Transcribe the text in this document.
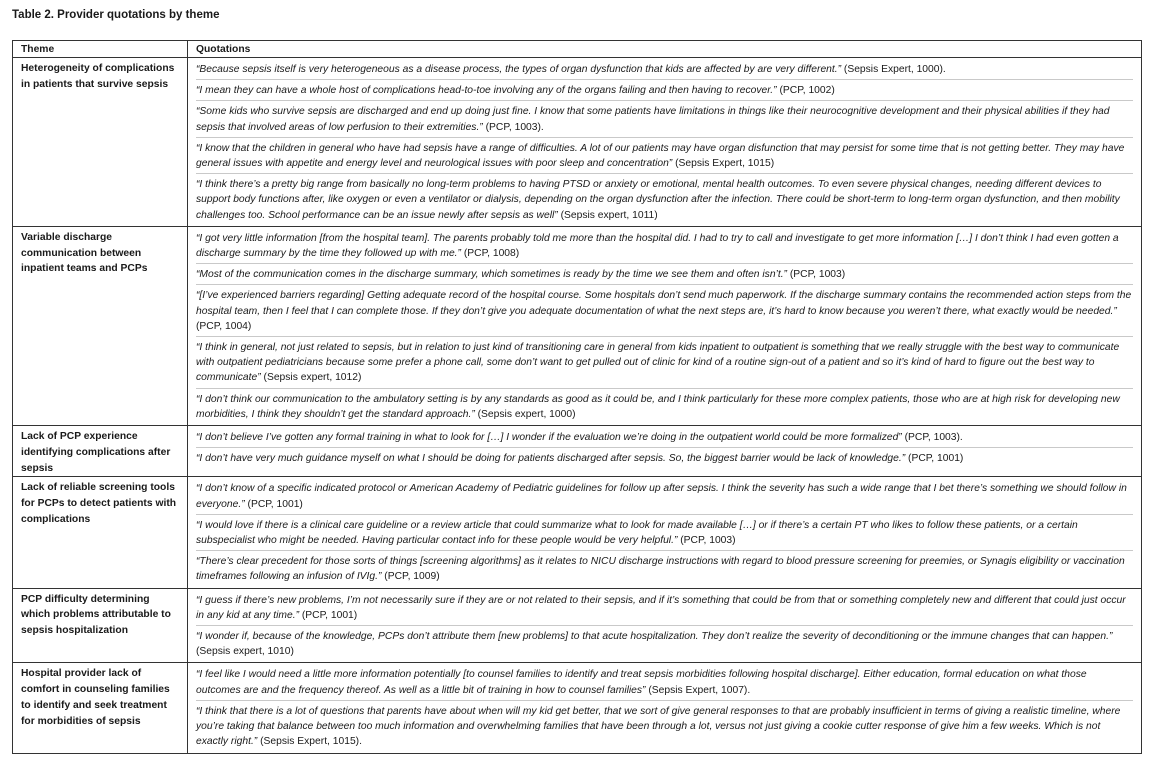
Table 2. Provider quotations by theme
Theme	Quotations
Heterogeneity of complications in patients that survive sepsis	“Because sepsis itself is very heterogeneous as a disease process, the types of organ dysfunction that kids are affected by are very different.” (Sepsis Expert, 1000).

“I mean they can have a whole host of complications head-to-toe involving any of the organs failing and then having to recover.” (PCP, 1002)

“Some kids who survive sepsis are discharged and end up doing just fine. I know that some patients have limitations in things like their neurocognitive development and their physical abilities if they had sepsis that involved areas of low perfusion to their extremities.” (PCP, 1003).

“I know that the children in general who have had sepsis have a range of difficulties. A lot of our patients may have organ disfunction that may persist for some time that is not getting better. They may have general issues with appetite and energy level and neurological issues with poor sleep and concentration” (Sepsis Expert, 1015)

“I think there’s a pretty big range from basically no long-term problems to having PTSD or anxiety or emotional, mental health outcomes. To even severe physical changes, needing different devices to support body functions after, like oxygen or even a ventilator or dialysis, depending on the organ dysfunction after the infection. There could be short-term to long-term organ dysfunction, and then mobility challenges too. School performance can be an issue newly after sepsis as well” (Sepsis expert, 1011)

Variable discharge communication between inpatient teams and PCPs	“I got very little information [from the hospital team]. The parents probably told me more than the hospital did. I had to try to call and investigate to get more information […] I don’t think I had even gotten a discharge summary by the time they followed up with me.” (PCP, 1008)

“Most of the communication comes in the discharge summary, which sometimes is ready by the time we see them and often isn’t.” (PCP, 1003)

“[I’ve experienced barriers regarding] Getting adequate record of the hospital course. Some hospitals don’t send much paperwork. If the discharge summary contains the recommended action steps from the hospital team, then I feel that I can complete those. If they don’t give you adequate documentation of what the next steps are, it’s hard to know because you weren’t there, what exactly would be needed.” (PCP, 1004)

“I think in general, not just related to sepsis, but in relation to just kind of transitioning care in general from kids inpatient to outpatient is something that we really struggle with the best way to communicate with outpatient pediatricians because some prefer a phone call, some don’t want to get pulled out of clinic for kind of a routine sign-out of a patient and so it’s kind of hard to figure out the best way to communicate” (Sepsis expert, 1012)

“I don’t think our communication to the ambulatory setting is by any standards as good as it could be, and I think particularly for these more complex patients, those who are at high risk for developing new morbidities, I think they shouldn’t get the standard approach.” (Sepsis expert, 1000)

Lack of PCP experience identifying complications after sepsis	“I don’t believe I’ve gotten any formal training in what to look for […] I wonder if the evaluation we’re doing in the outpatient world could be more formalized” (PCP, 1003).

“I don’t have very much guidance myself on what I should be doing for patients discharged after sepsis. So, the biggest barrier would be lack of knowledge.” (PCP, 1001)

Lack of reliable screening tools for PCPs to detect patients with complications	“I don’t know of a specific indicated protocol or American Academy of Pediatric guidelines for follow up after sepsis. I think the severity has such a wide range that I bet there’s something we should follow in everyone.” (PCP, 1001)

“I would love if there is a clinical care guideline or a review article that could summarize what to look for made available […] or if there’s a certain PT who likes to follow these patients, or a certain subspecialist who might be needed. Having particular contact info for these people would be very helpful.” (PCP, 1003)

“There’s clear precedent for those sorts of things [screening algorithms] as it relates to NICU discharge instructions with regard to blood pressure screening for preemies, or Synagis eligibility or vaccination timeframes following an infusion of IVIg.” (PCP, 1009)

PCP difficulty determining which problems attributable to sepsis hospitalization	“I guess if there’s new problems, I’m not necessarily sure if they are or not related to their sepsis, and if it’s something that could be from that or something completely new and different that could just occur in any kid at any time.” (PCP, 1001)

“I wonder if, because of the knowledge, PCPs don’t attribute them [new problems] to that acute hospitalization. They don’t realize the severity of deconditioning or the immune changes that can happen.” (Sepsis expert, 1010)

Hospital provider lack of comfort in counseling families to identify and seek treatment for morbidities of sepsis	“I feel like I would need a little more information potentially [to counsel families to identify and treat sepsis morbidities following hospital discharge]. Either education, formal education on what those outcomes are and the frequency thereof. As well as a little bit of training in how to counsel families” (Sepsis Expert, 1007).

“I think that there is a lot of questions that parents have about when will my kid get better, that we sort of give general responses to that are probably insufficient in terms of giving a realistic timeline, where you’re taking that balance between too much information and overwhelming families that have been through a lot, versus not just giving a cookie cutter response of give him a few weeks. Which is not exactly right.” (Sepsis Expert, 1015).
